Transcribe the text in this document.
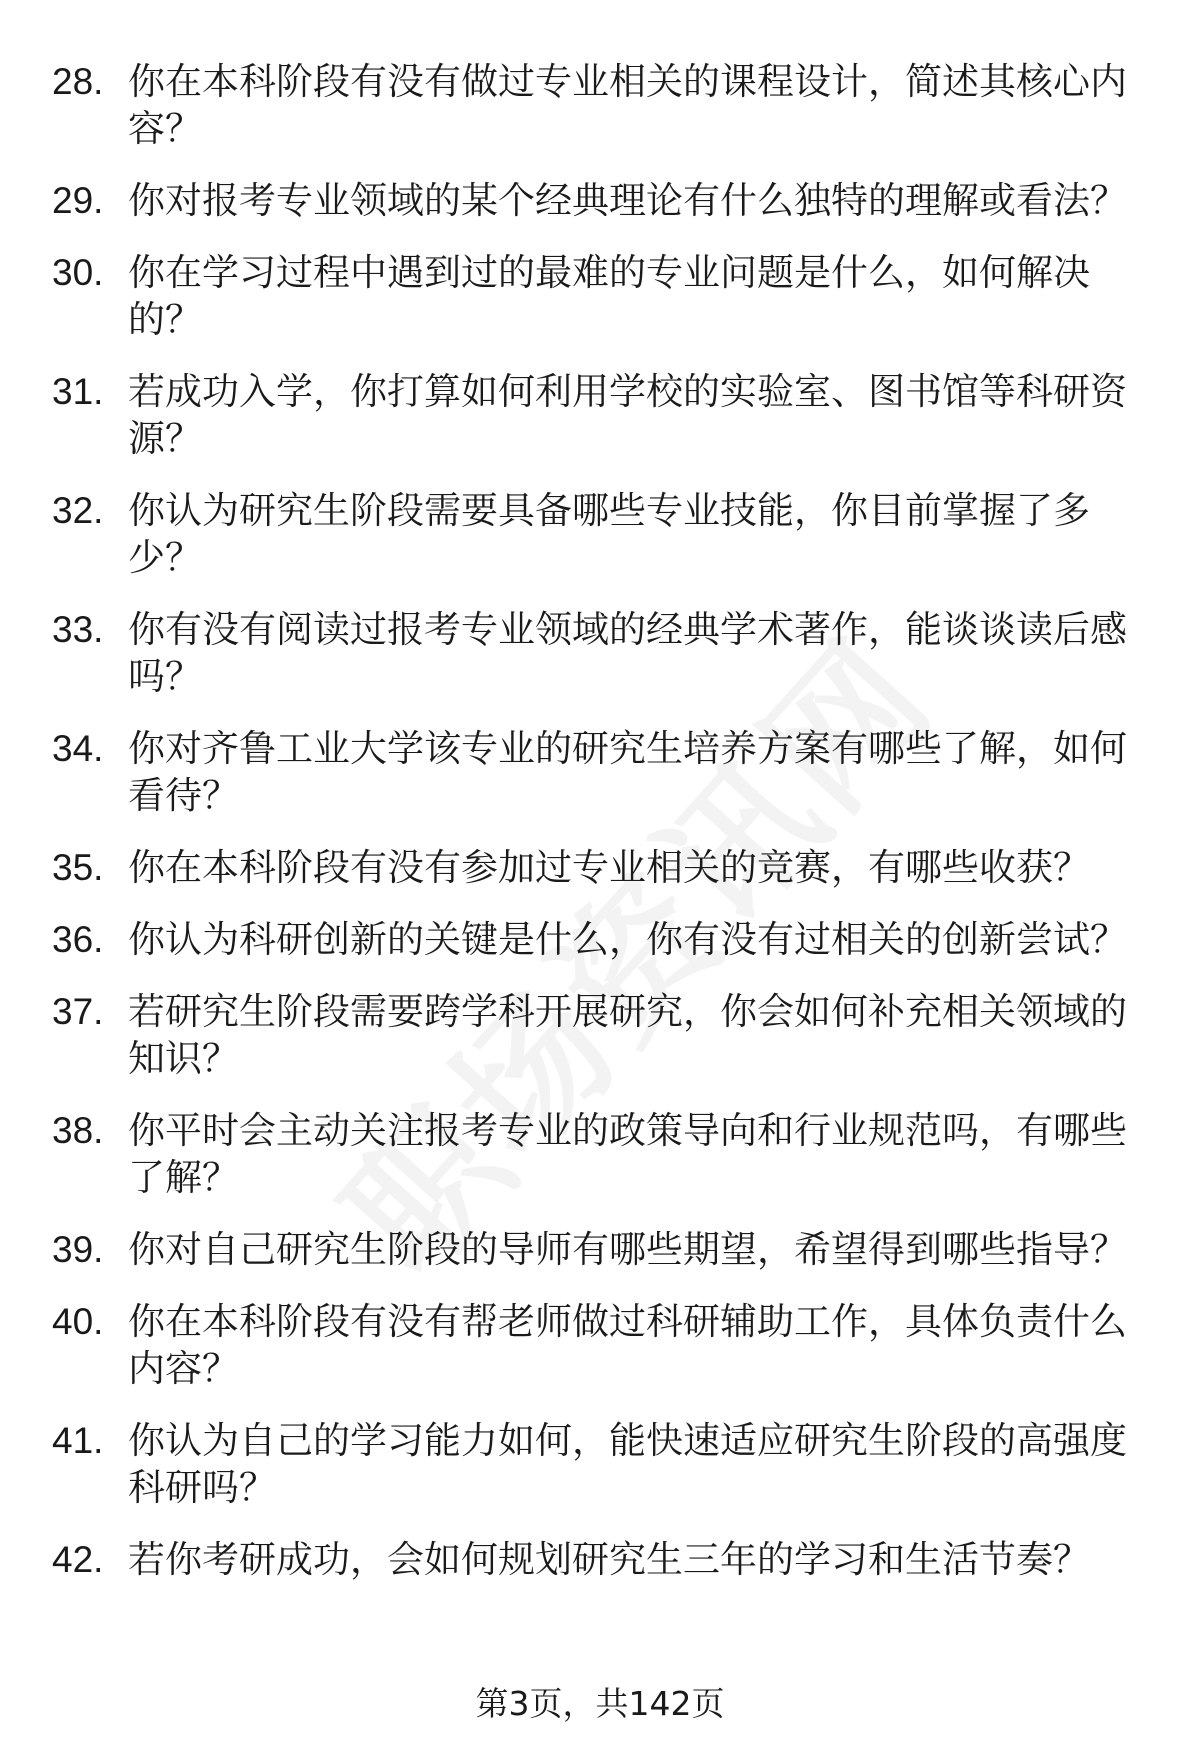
28. 你在本科阶段有没有做过专业相关的课程设计，简述其核心内容？
29. 你对报考专业领域的某个经典理论有什么独特的理解或看法？
30. 你在学习过程中遇到过的最难的专业问题是什么，如何解决的？
31. 若成功入学，你打算如何利用学校的实验室、图书馆等科研资源？
32. 你认为研究生阶段需要具备哪些专业技能，你目前掌握了多少？
33. 你有没有阅读过报考专业领域的经典学术著作，能谈谈读后感吗？
34. 你对齐鲁工业大学该专业的研究生培养方案有哪些了解，如何看待？
35. 你在本科阶段有没有参加过专业相关的竞赛，有哪些收获？
36. 你认为科研创新的关键是什么，你有没有过相关的创新尝试？
37. 若研究生阶段需要跨学科开展研究，你会如何补充相关领域的知识？
38. 你平时会主动关注报考专业的政策导向和行业规范吗，有哪些了解？
39. 你对自己研究生阶段的导师有哪些期望，希望得到哪些指导？
40. 你在本科阶段有没有帮老师做过科研辅助工作，具体负责什么内容？
41. 你认为自己的学习能力如何，能快速适应研究生阶段的高强度科研吗？
42. 若你考研成功，会如何规划研究生三年的学习和生活节奏？
第3页，共142页
